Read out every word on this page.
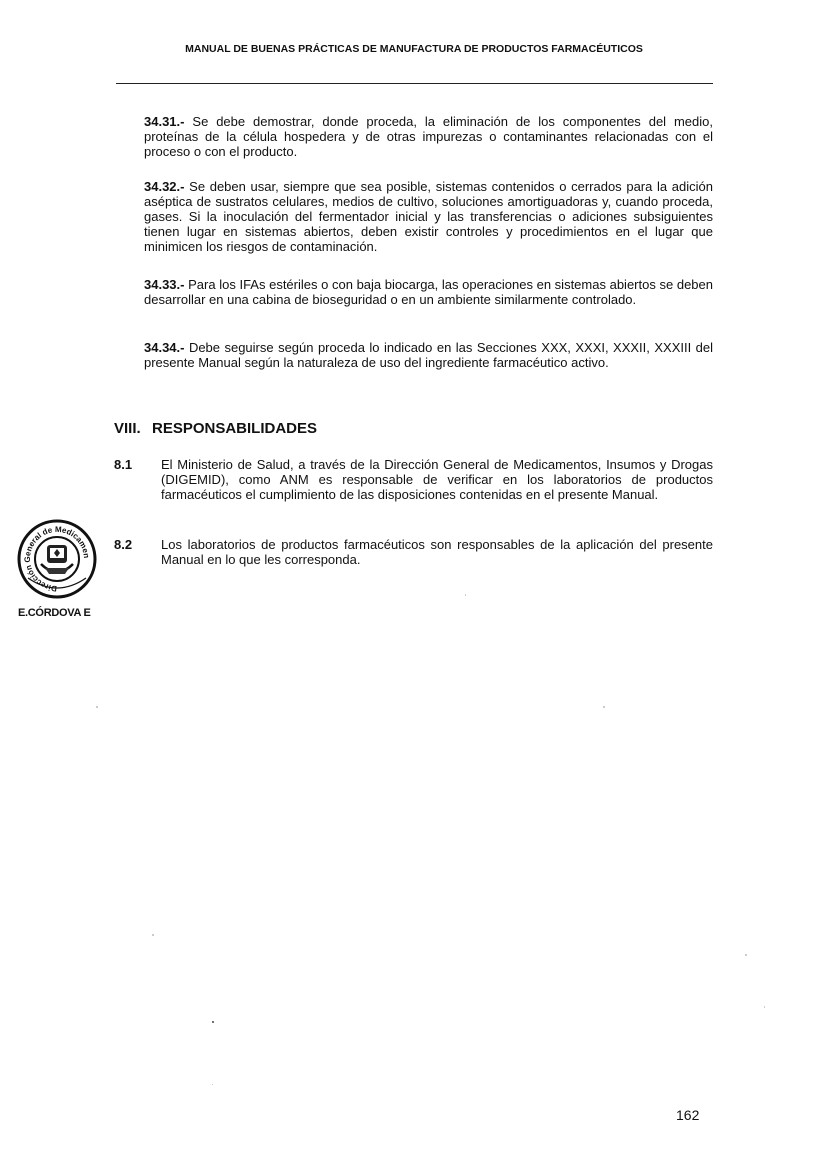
MANUAL DE BUENAS PRÁCTICAS DE MANUFACTURA DE PRODUCTOS FARMACÉUTICOS
34.31.- Se debe demostrar, donde proceda, la eliminación de los componentes del medio, proteínas de la célula hospedera y de otras impurezas o contaminantes relacionadas con el proceso o con el producto.
34.32.- Se deben usar, siempre que sea posible, sistemas contenidos o cerrados para la adición aséptica de sustratos celulares, medios de cultivo, soluciones amortiguadoras y, cuando proceda, gases. Si la inoculación del fermentador inicial y las transferencias o adiciones subsiguientes tienen lugar en sistemas abiertos, deben existir controles y procedimientos en el lugar que minimicen los riesgos de contaminación.
34.33.- Para los IFAs estériles o con baja biocarga, las operaciones en sistemas abiertos se deben desarrollar en una cabina de bioseguridad o en un ambiente similarmente controlado.
34.34.- Debe seguirse según proceda lo indicado en las Secciones XXX, XXXI, XXXII, XXXIII del presente Manual según la naturaleza de uso del ingrediente farmacéutico activo.
VIII. RESPONSABILIDADES
8.1 El Ministerio de Salud, a través de la Dirección General de Medicamentos, Insumos y Drogas (DIGEMID), como ANM es responsable de verificar en los laboratorios de productos farmacéuticos el cumplimiento de las disposiciones contenidas en el presente Manual.
8.2 Los laboratorios de productos farmacéuticos son responsables de la aplicación del presente Manual en lo que les corresponda.
Dirección General de Medicamen
E.CÓRDOVA E
162
